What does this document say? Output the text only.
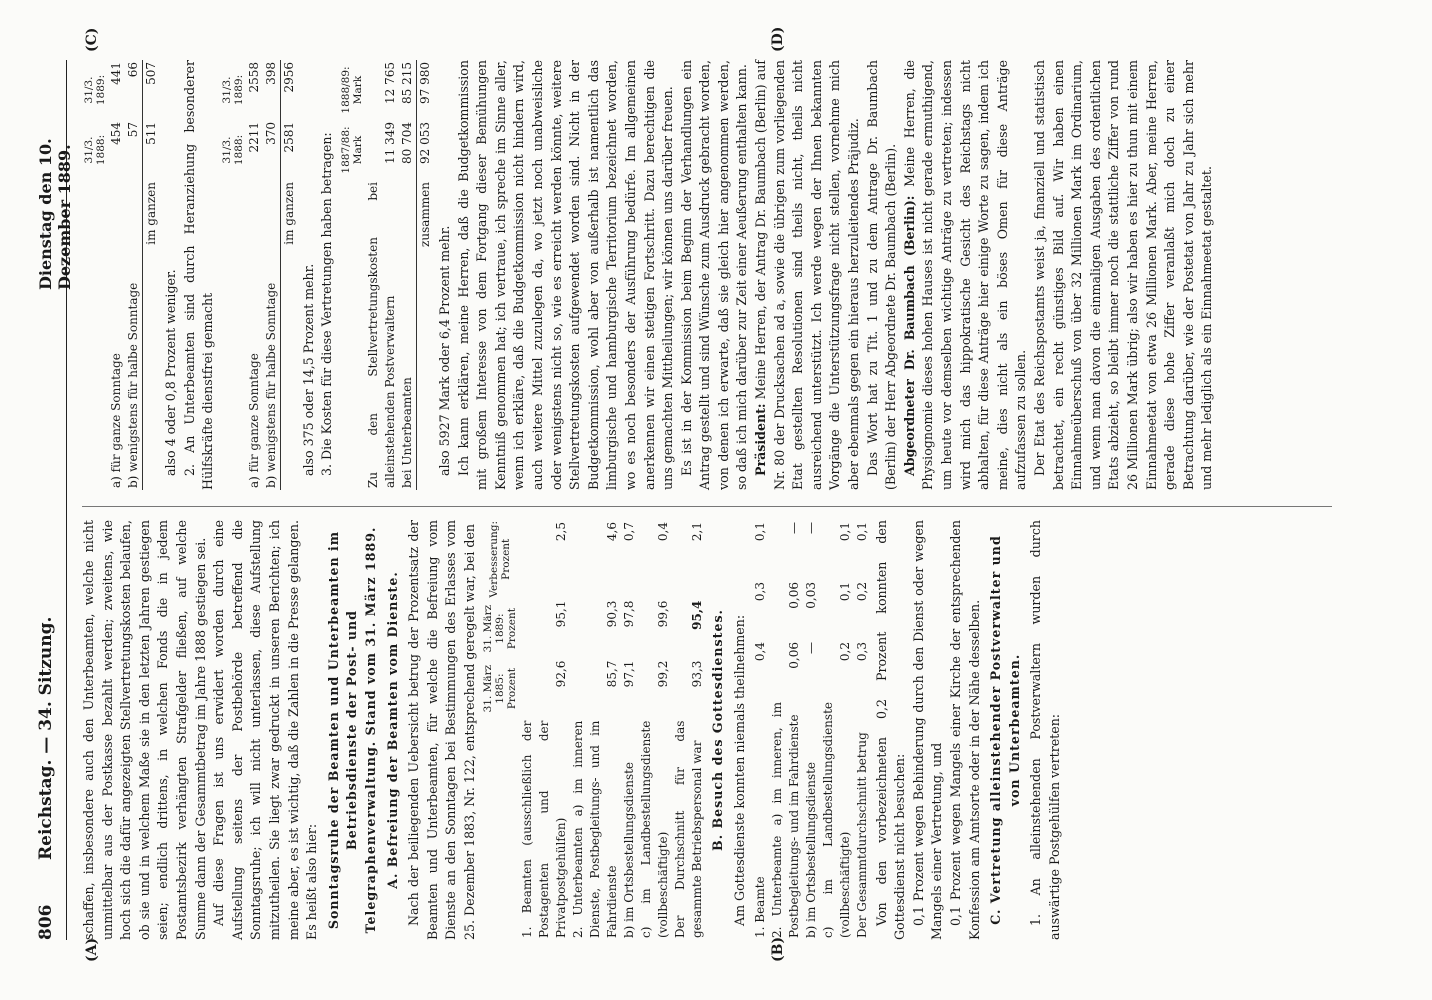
806
Reichstag. — 34. Sitzung.
Dienstag den 10. Dezember 1889.
(A)	(B)
(C)	(D)

schaffen, insbesondere auch den Unterbeamten, welche nicht unmittelbar aus der Postkasse bezahlt werden; zweitens, wie hoch sich die dafür angezeigten Stellvertretungskosten belaufen, ob sie und in welchem Maße sie in den letzten Jahren gestiegen seien; endlich drittens, in welchen Fonds die in jedem Postamtsbezirk verhängten Strafgelder fließen, auf welche Summe dann der Gesammtbetrag im Jahre 1888 gestiegen sei. Auf diese Fragen ist uns erwidert worden durch eine Aufstellung seitens der Postbehörde betreffend die Sonntagsruhe; ich will nicht unterlassen, diese Aufstellung mitzutheilen. Sie liegt zwar gedruckt in unseren Berichten; ich meine aber, es ist wichtig, daß die Zahlen in die Presse gelangen. Es heißt also hier: Sonntagsruhe der Beamten und Unterbeamten im Betriebsdienste der Post- und Telegraphenverwaltung. Stand vom 31. März 1889. A. Befreiung der Beamten vom Dienste. Nach der beiliegenden Uebersicht betrug der Prozentsatz der Beamten und Unterbeamten, für welche die Befreiung vom Dienste an den Sonntagen bei Bestimmungen des Erlasses vom 25. Dezember 1883, Nr. 122, entsprechend geregelt war, bei den

	31. März 1885: Prozent	31. März 1889: Prozent	Verbesserung: Prozent
1. Beamten (ausschließlich der Postagenten und der Privatpostgehülfen)	92,6	95,1	2,5
2. Unterbeamten a) im inneren Dienste, Postbegleitungs- und im Fahrdienste	85,7	90,3	4,6
b) im Ortsbestellungsdienste	97,1	97,8	0,7
c) im Landbestellungsdienste (vollbeschäftigte)	99,2	99,6	0,4
Der Durchschnitt für das gesammte Betriebspersonal war	93,3	95,4	2,1
B. Besuch des Gottesdienstes. Am Gottesdienste konnten niemals theilnehmen: 1. Beamte	0,4	0,3	0,1
2. Unterbeamte a) im inneren, im Postbegleitungs- und im Fahrdienste	0,06	0,06	—
b) im Ortsbestellungsdienste	—	0,03	—
c) im Landbestellungsdienste (vollbeschäftigte)	0,2	0,1	0,1
Der Gesammtdurchschnitt betrug	0,3	0,2	0,1 Von den vorbezeichneten 0,2 Prozent konnten den Gottesdienst nicht besuchen: 0,1 Prozent wegen Behinderung durch den Dienst oder wegen Mangels einer Vertretung, und 0,1 Prozent wegen Mangels einer Kirche der entsprechenden Konfession am Amtsorte oder in der Nähe desselben. C. Vertretung alleinstehender Postverwalter und von Unterbeamten. 1. An alleinstehenden Postverwaltern wurden durch auswärtige Postgehülfen vertreten:

	31/3. 1888:	31/3. 1889:
a) für ganze Sonntage	454	441
b) wenigstens für halbe Sonntage	57	66
im ganzen	511	507

also 4 oder 0,8 Prozent weniger. 2. An Unterbeamten sind durch Heranziehung besonderer Hülfskräfte dienstfrei gemacht

	31/3. 1888:	31/3. 1889:
a) für ganze Sonntage	2211	2558
b) wenigstens für halbe Sonntage	370	398
im ganzen	2581	2956

also 375 oder 14,5 Prozent mehr. 3. Die Kosten für diese Vertretungen haben betragen:

	1887/88: Mark	1888/89: Mark
Zu den Stellvertretungskosten bei alleinstehenden Postverwaltern	11 349	12 765
bei Unterbeamten	80 704	85 215
zusammen	92 053	97 980

also 5927 Mark oder 6,4 Prozent mehr. Ich kann erklären, meine Herren, daß die Budgetkommission mit großem Interesse von dem Fortgang dieser Bemühungen Kenntniß genommen hat; ich vertraue, ich spreche im Sinne aller, wenn ich erkläre, daß die Budgetkommission nicht hindern wird, auch weitere Mittel zuzulegen da, wo jetzt noch unabweisliche oder wenigstens nicht so, wie es erreicht werden könnte, weitere Stellvertretungskosten aufgewendet worden sind. Nicht in der Budgetkommission, wohl aber von außerhalb ist namentlich das limburgische und hamburgische Territorium bezeichnet worden, wo es noch besonders der Ausführung bedürfe. Im allgemeinen anerkennen wir einen stetigen Fortschritt. Dazu berechtigen die uns gemachten Mittheilungen; wir können uns darüber freuen. Es ist in der Kommission beim Beginn der Verhandlungen ein Antrag gestellt und sind Wünsche zum Ausdruck gebracht worden, von denen ich erwarte, daß sie gleich hier angenommen werden, so daß ich mich darüber zur Zeit einer Aeußerung enthalten kann. Präsident: Meine Herren, der Antrag Dr. Baumbach (Berlin) auf Nr. 80 der Drucksachen ad a, sowie die übrigen zum vorliegenden Etat gestellten Resolutionen sind theils nicht, theils nicht ausreichend unterstützt. Ich werde wegen der Ihnen bekannten Vorgänge die Unterstützungsfrage nicht stellen, vornehme mich aber ebenmals gegen ein hieraus herzuleitendes Präjudiz. Das Wort hat zu Tit. 1 und zu dem Antrage Dr. Baumbach (Berlin) der Herr Abgeordnete Dr. Baumbach (Berlin). Abgeordneter Dr. Baumbach (Berlin): Meine Herren, die Physiognomie dieses hohen Hauses ist nicht gerade ermuthigend, um heute vor demselben wichtige Anträge zu vertreten; indessen wird mich das hippokratische Gesicht des Reichstags nicht abhalten, für diese Anträge hier einige Worte zu sagen, indem ich meine, dies nicht als ein böses Omen für diese Anträge aufzufassen zu sollen. Der Etat des Reichspostamts weist ja, finanziell und statistisch betrachtet, ein recht günstiges Bild auf. Wir haben einen Einnahmeüberschuß von über 32 Millionen Mark im Ordinarium, und wenn man davon die einmaligen Ausgaben des ordentlichen Etats abzieht, so bleibt immer noch die stattliche Ziffer von rund 26 Millionen Mark übrig; also wir haben es hier zu thun mit einem Einnahmeetat von etwa 26 Millionen Mark. Aber, meine Herren, gerade diese hohe Ziffer veranlaßt mich doch zu einer Betrachtung darüber, wie der Postetat von Jahr zu Jahr sich mehr und mehr lediglich als ein Einnahmeetat gestaltet.
